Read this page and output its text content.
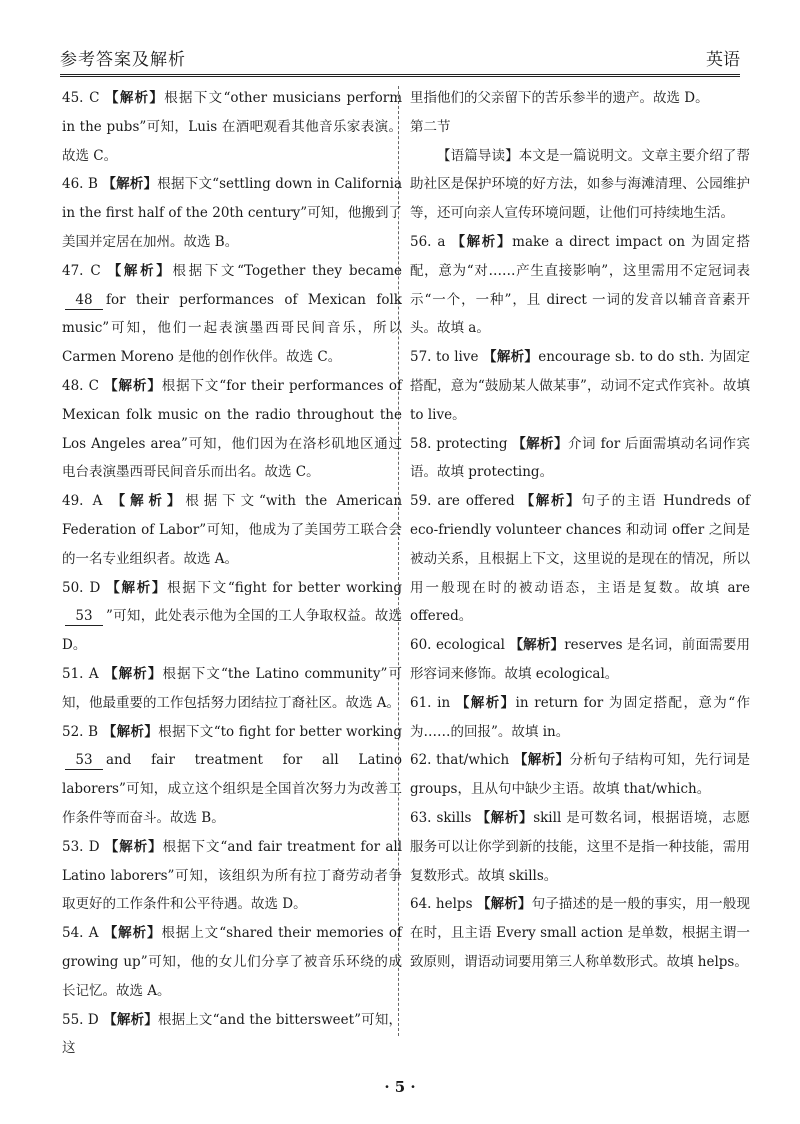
参考答案及解析	英语

45. C 【解析】根据下文“other musicians perform in the pubs”可知，Luis 在酒吧观看其他音乐家表演。故选 C。

46. B 【解析】根据下文“settling down in California in the first half of the 20th century”可知，他搬到了美国并定居在加州。故选 B。

47. C 【解析】根据下文“Together they became48 for their performances of Mexican folk music”可知，他们一起表演墨西哥民间音乐，所以 Carmen Moreno 是他的创作伙伴。故选 C。

48. C 【解析】根据下文“for their performances of Mexican folk music on the radio throughout the Los Angeles area”可知，他们因为在洛杉矶地区通过电台表演墨西哥民间音乐而出名。故选 C。

49. A 【解析】根据下文“with the American Federation of Labor”可知，他成为了美国劳工联合会的一名专业组织者。故选 A。

50. D 【解析】根据下文“fight for better working53 ”可知，此处表示他为全国的工人争取权益。故选 D。

51. A 【解析】根据下文“the Latino community”可知，他最重要的工作包括努力团结拉丁裔社区。故选 A。

52. B 【解析】根据下文“to fight for better working53 and fair treatment for all Latino laborers”可知，成立这个组织是全国首次努力为改善工作条件等而奋斗。故选 B。

53. D 【解析】根据下文“and fair treatment for all Latino laborers”可知，该组织为所有拉丁裔劳动者争取更好的工作条件和公平待遇。故选 D。

54. A 【解析】根据上文“shared their memories of growing up”可知，他的女儿们分享了被音乐环绕的成长记忆。故选 A。

55. D 【解析】根据上文“and the bittersweet”可知，这

里指他们的父亲留下的苦乐参半的遗产。故选 D。

第二节

【语篇导读】本文是一篇说明文。文章主要介绍了帮助社区是保护环境的好方法，如参与海滩清理、公园维护等，还可向亲人宣传环境问题，让他们可持续地生活。

56. a 【解析】make a direct impact on 为固定搭配，意为“对……产生直接影响”，这里需用不定冠词表示“一个，一种”，且 direct 一词的发音以辅音音素开头。故填 a。

57. to live 【解析】encourage sb. to do sth. 为固定搭配，意为“鼓励某人做某事”，动词不定式作宾补。故填 to live。

58. protecting 【解析】介词 for 后面需填动名词作宾语。故填 protecting。

59. are offered 【解析】句子的主语 Hundreds of eco-friendly volunteer chances 和动词 offer 之间是被动关系，且根据上下文，这里说的是现在的情况，所以用一般现在时的被动语态，主语是复数。故填 are offered。

60. ecological 【解析】reserves 是名词，前面需要用形容词来修饰。故填 ecological。

61. in 【解析】in return for 为固定搭配，意为“作为……的回报”。故填 in。

62. that/which 【解析】分析句子结构可知，先行词是 groups，且从句中缺少主语。故填 that/which。

63. skills 【解析】skill 是可数名词，根据语境，志愿服务可以让你学到新的技能，这里不是指一种技能，需用复数形式。故填 skills。

64. helps 【解析】句子描述的是一般的事实，用一般现在时，且主语 Every small action 是单数，根据主谓一致原则，谓语动词要用第三人称单数形式。故填 helps。

· 5 ·
